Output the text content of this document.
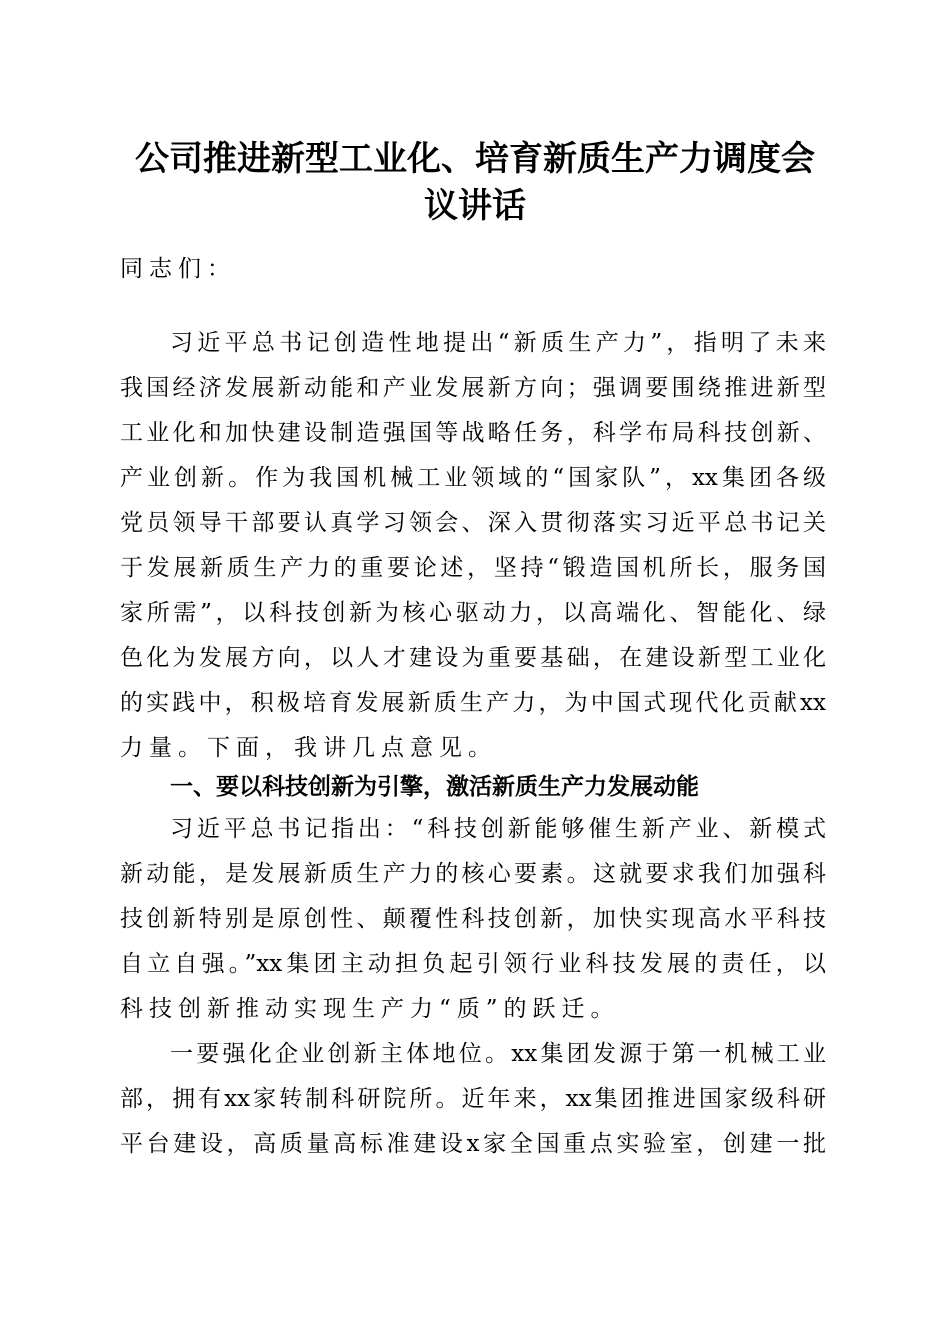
公司推进新型工业化、培育新质生产力调度会
议讲话
同志们：
习近平总书记创造性地提出“新质生产力”，指明了未来
我国经济发展新动能和产业发展新方向；强调要围绕推进新型
工业化和加快建设制造强国等战略任务，科学布局科技创新、
产业创新。作为我国机械工业领域的“国家队”，xx集团各级
党员领导干部要认真学习领会、深入贯彻落实习近平总书记关
于发展新质生产力的重要论述，坚持“锻造国机所长，服务国
家所需”，以科技创新为核心驱动力，以高端化、智能化、绿
色化为发展方向，以人才建设为重要基础，在建设新型工业化
的实践中，积极培育发展新质生产力，为中国式现代化贡献xx
力量。下面，我讲几点意见。
一、要以科技创新为引擎，激活新质生产力发展动能
习近平总书记指出：“科技创新能够催生新产业、新模式
新动能，是发展新质生产力的核心要素。这就要求我们加强科
技创新特别是原创性、颠覆性科技创新，加快实现高水平科技
自立自强。”xx集团主动担负起引领行业科技发展的责任，以
科技创新推动实现生产力“质”的跃迁。
一要强化企业创新主体地位。xx集团发源于第一机械工业
部，拥有xx家转制科研院所。近年来，xx集团推进国家级科研
平台建设，高质量高标准建设x家全国重点实验室，创建一批
